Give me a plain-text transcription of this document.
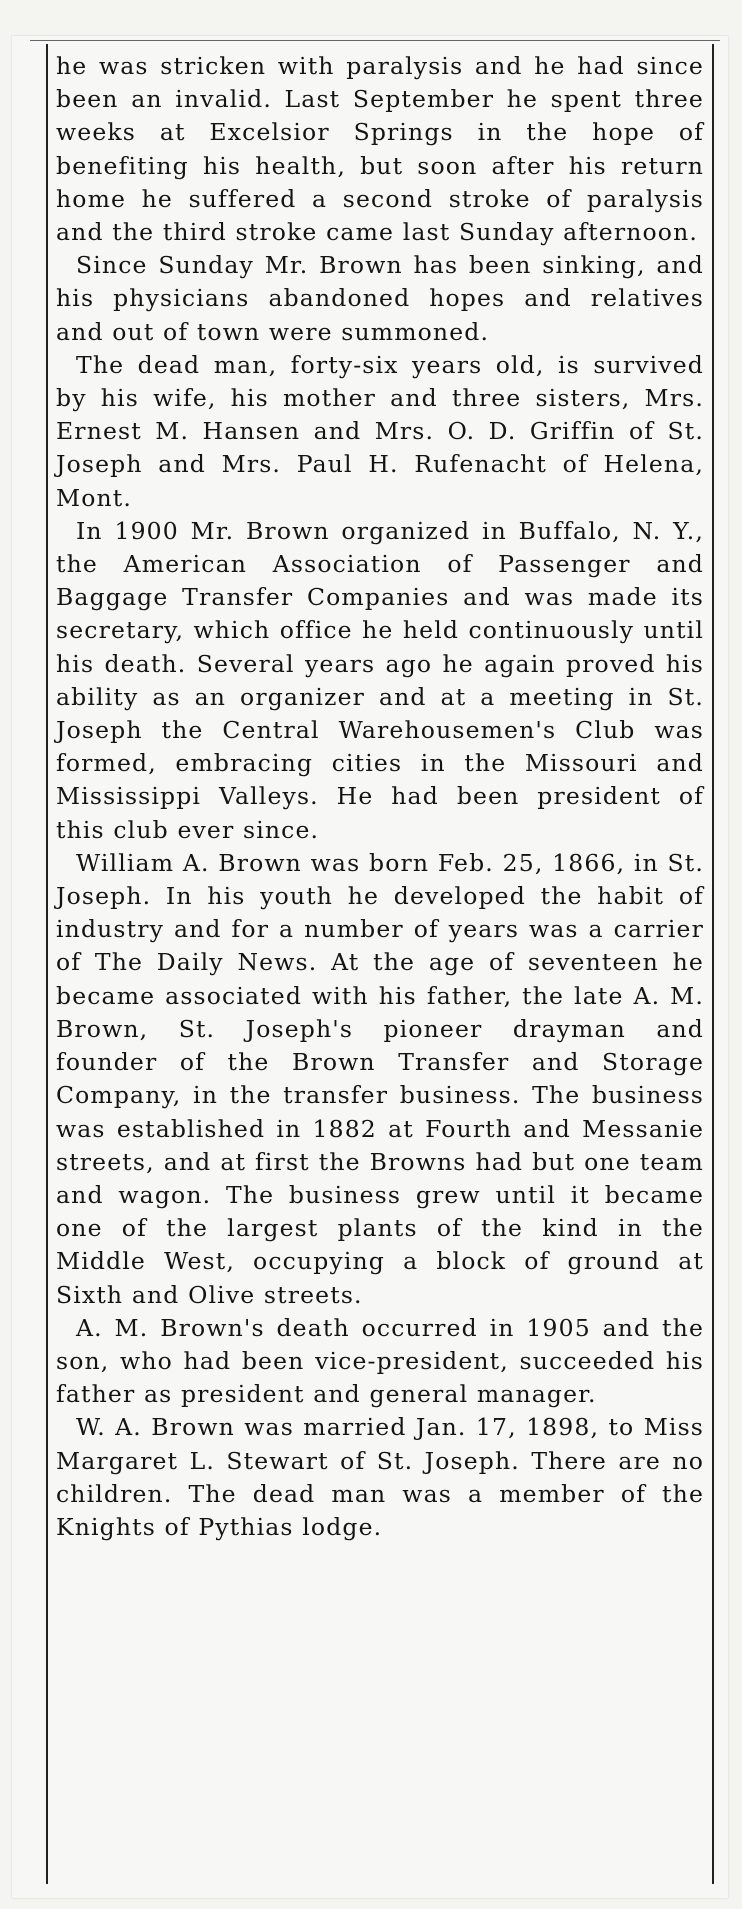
he was stricken with paralysis and he had since been an invalid. Last September he spent three weeks at Excelsior Springs in the hope of benefiting his health, but soon after his return home he suffered a second stroke of paralysis and the third stroke came last Sunday afternoon.

Since Sunday Mr. Brown has been sinking, and his physicians abandoned hopes and relatives and out of town were summoned.

The dead man, forty-six years old, is survived by his wife, his mother and three sisters, Mrs. Ernest M. Hansen and Mrs. O. D. Griffin of St. Joseph and Mrs. Paul H. Rufenacht of Helena, Mont.

In 1900 Mr. Brown organized in Buffalo, N. Y., the American Association of Passenger and Baggage Transfer Companies and was made its secretary, which office he held continuously until his death. Several years ago he again proved his ability as an organizer and at a meeting in St. Joseph the Central Warehousemen's Club was formed, embracing cities in the Missouri and Mississippi Valleys. He had been president of this club ever since.

William A. Brown was born Feb. 25, 1866, in St. Joseph. In his youth he developed the habit of industry and for a number of years was a carrier of The Daily News. At the age of seventeen he became associated with his father, the late A. M. Brown, St. Joseph's pioneer drayman and founder of the Brown Transfer and Storage Company, in the transfer business. The business was established in 1882 at Fourth and Messanie streets, and at first the Browns had but one team and wagon. The business grew until it became one of the largest plants of the kind in the Middle West, occupying a block of ground at Sixth and Olive streets.

A. M. Brown's death occurred in 1905 and the son, who had been vice-president, succeeded his father as president and general manager.

W. A. Brown was married Jan. 17, 1898, to Miss Margaret L. Stewart of St. Joseph. There are no children. The dead man was a member of the Knights of Pythias lodge.
